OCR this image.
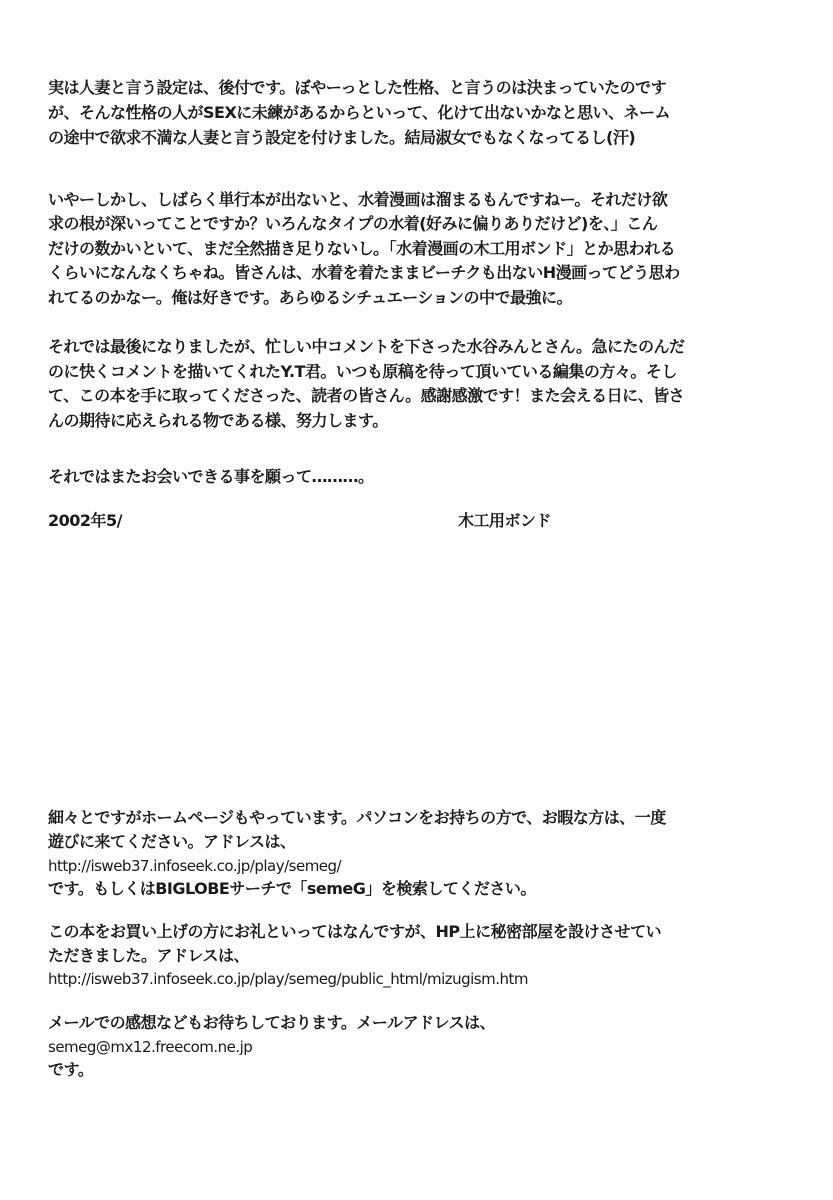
実は人妻と言う設定は、後付です。ぼやーっとした性格、と言うのは決まっていたのです
が、そんな性格の人がSEXに未練があるからといって、化けて出ないかなと思い、ネーム
の途中で欲求不満な人妻と言う設定を付けました。結局淑女でもなくなってるし(汗)
いやーしかし、しばらく単行本が出ないと、水着漫画は溜まるもんですねー。それだけ欲
求の根が深いってことですか？いろんなタイプの水着(好みに偏りありだけど)を、」こん
だけの数かいといて、まだ全然描き足りないし。「水着漫画の木工用ボンド」とか思われる
くらいになんなくちゃね。皆さんは、水着を着たままビーチクも出ないH漫画ってどう思わ
れてるのかなー。俺は好きです。あらゆるシチュエーションの中で最強に。
それでは最後になりましたが、忙しい中コメントを下さった水谷みんとさん。急にたのんだ
のに快くコメントを描いてくれたY.T君。いつも原稿を待って頂いている編集の方々。そし
て、この本を手に取ってくださった、読者の皆さん。感謝感激です！また会える日に、皆さ
んの期待に応えられる物である様、努力します。
それではまたお会いできる事を願って………。
2002年5/	木工用ボンド
細々とですがホームページもやっています。パソコンをお持ちの方で、お暇な方は、一度
遊びに来てください。アドレスは、
http://isweb37.infoseek.co.jp/play/semeg/
です。もしくはBIGLOBEサーチで「semeG」を検索してください。
この本をお買い上げの方にお礼といってはなんですが、HP上に秘密部屋を設けさせてい
ただきました。アドレスは、
http://isweb37.infoseek.co.jp/play/semeg/public_html/mizugism.htm
メールでの感想などもお待ちしております。メールアドレスは、
semeg@mx12.freecom.ne.jp
です。
